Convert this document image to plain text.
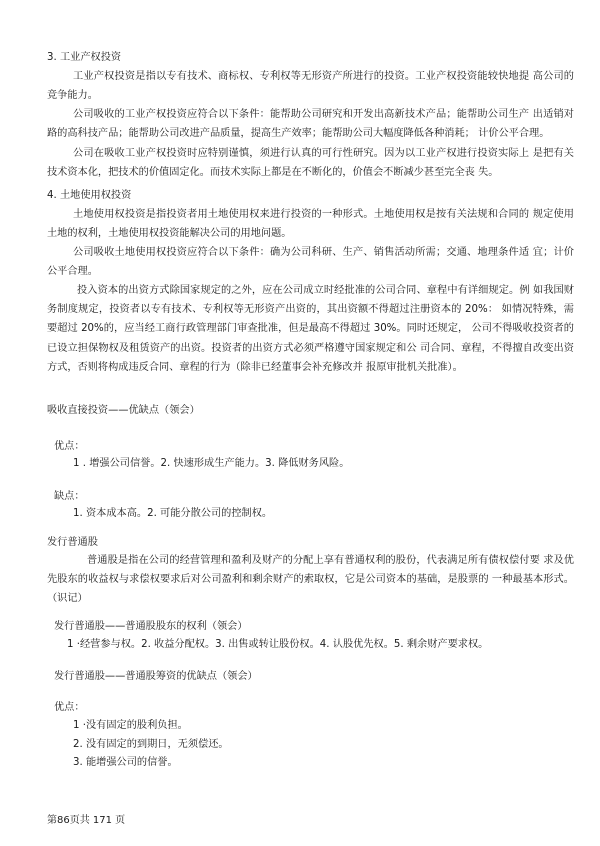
3. 工业产权投资

工业产权投资是指以专有技术、商标权、专利权等无形资产所进行的投资。工业产权投资能较快地提 高公司的竞争能力。

公司吸收的工业产权投资应符合以下条件：能帮助公司研究和开发出高新技术产品；能帮助公司生产 出适销对路的高科技产品；能帮助公司改进产品质量，提高生产效率；能帮助公司大幅度降低各种消耗； 计价公平合理。

公司在吸收工业产权投资时应特别谨慎，须进行认真的可行性研究。因为以工业产权进行投资实际上 是把有关技术资本化，把技术的价值固定化。而技术实际上都是在不断化的，价值会不断减少甚至完全丧 失。

4. 土地使用权投资

土地使用权投资是指投资者用土地使用权来进行投资的一种形式。土地使用权是按有关法规和合同的 规定使用土地的权利，土地使用权投资能解决公司的用地问题。

公司吸收土地使用权投资应符合以下条件：确为公司科研、生产、销售活动所需；交通、地理条件适 宜；计价公平合理。

投入资本的出资方式除国家规定的之外，应在公司成立时经批准的公司合同、章程中有详细规定。例 如我国财务制度规定，投资者以专有技术、专利权等无形资产出资的，其出资额不得超过注册资本的 20%： 如情况特殊，需要超过 20%的，应当经工商行政管理部门审查批准，但是最高不得超过 30%。同时还规定， 公司不得吸收投资者的已设立担保物权及租赁资产的出资。投资者的出资方式必须严格遵守国家规定和公 司合同、章程，不得擅自改变出资方式，否则将构成违反合同、章程的行为（除非已经董事会补充修改并 报原审批机关批准）。

吸收直接投资——优缺点（领会）

优点：

1 . 增强公司信誉。2. 快速形成生产能力。3. 降低财务风险。

缺点：

1. 资本成本高。2. 可能分散公司的控制权。

发行普通股

普通股是指在公司的经营管理和盈利及财产的分配上享有普通权利的股份，代表满足所有债权偿付要 求及优先股东的收益权与求偿权要求后对公司盈利和剩余财产的索取权，它是公司资本的基础，是股票的 一种最基本形式。（识记）

发行普通股——普通股股东的权利（领会）

1 ·经营参与权。2. 收益分配权。3. 出售或转让股份权。4. 认股优先权。5. 剩余财产要求权。

发行普通股——普通股筹资的优缺点（领会）

优点：

1 ·没有固定的股利负担。

2. 没有固定的到期日，无须偿还。

3. 能增强公司的信誉。

第86页共 171 页
